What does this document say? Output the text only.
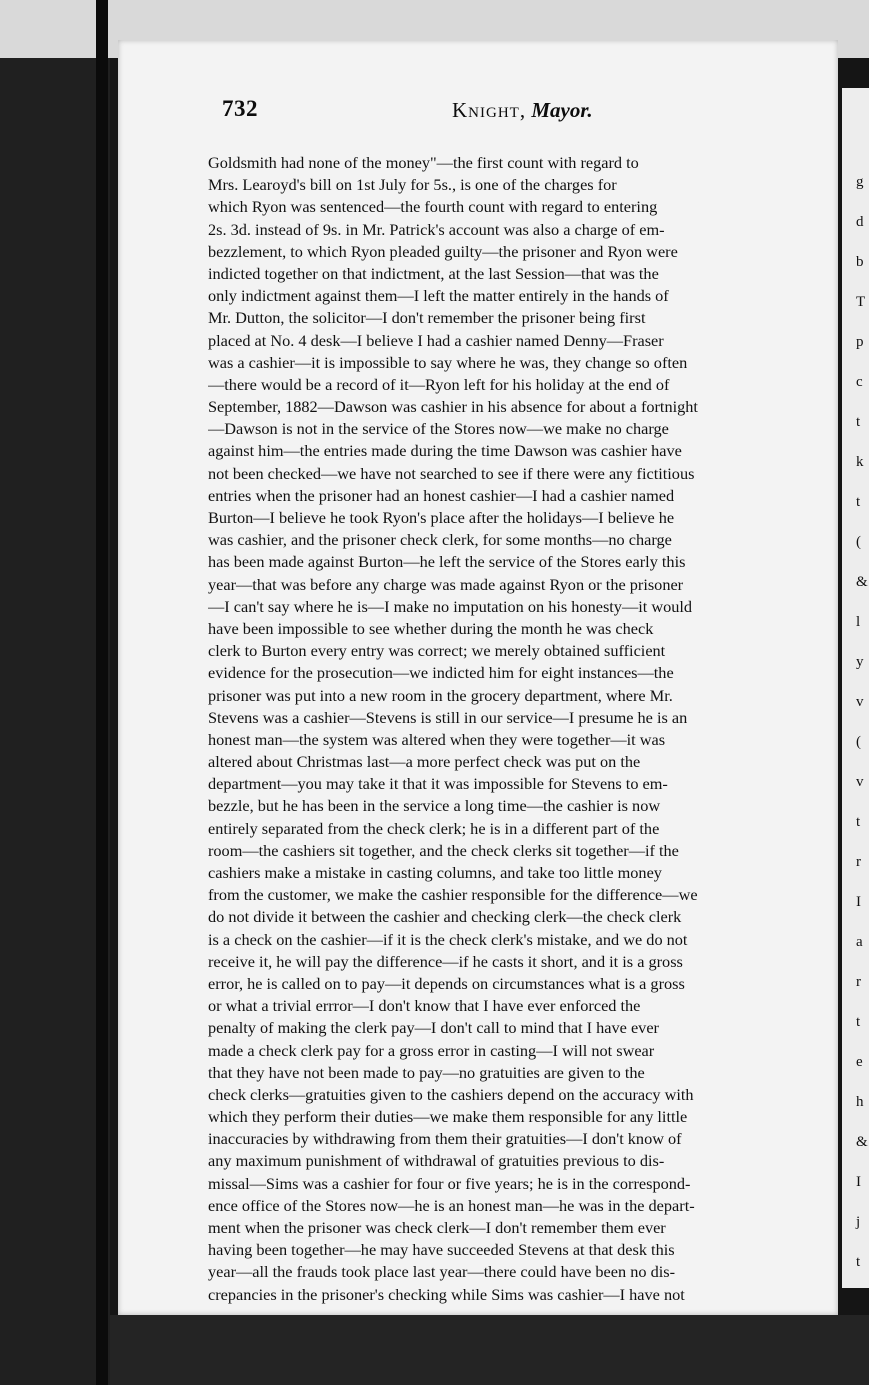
g
d
b
T
p
c
t
k
t
(
&
l
y
v
(
v
t
r
I
a
r
t
e
h
&
I
j
t
732	Knight, Mayor.
Goldsmith had none of the money"—the first count with regard to
Mrs. Learoyd's bill on 1st July for 5s., is one of the charges for
which Ryon was sentenced—the fourth count with regard to entering
2s. 3d. instead of 9s. in Mr. Patrick's account was also a charge of em-
bezzlement, to which Ryon pleaded guilty—the prisoner and Ryon were
indicted together on that indictment, at the last Session—that was the
only indictment against them—I left the matter entirely in the hands of
Mr. Dutton, the solicitor—I don't remember the prisoner being first
placed at No. 4 desk—I believe I had a cashier named Denny—Fraser
was a cashier—it is impossible to say where he was, they change so often
—there would be a record of it—Ryon left for his holiday at the end of
September, 1882—Dawson was cashier in his absence for about a fortnight
—Dawson is not in the service of the Stores now—we make no charge
against him—the entries made during the time Dawson was cashier have
not been checked—we have not searched to see if there were any fictitious
entries when the prisoner had an honest cashier—I had a cashier named
Burton—I believe he took Ryon's place after the holidays—I believe he
was cashier, and the prisoner check clerk, for some months—no charge
has been made against Burton—he left the service of the Stores early this
year—that was before any charge was made against Ryon or the prisoner
—I can't say where he is—I make no imputation on his honesty—it would
have been impossible to see whether during the month he was check
clerk to Burton every entry was correct; we merely obtained sufficient
evidence for the prosecution—we indicted him for eight instances—the
prisoner was put into a new room in the grocery department, where Mr.
Stevens was a cashier—Stevens is still in our service—I presume he is an
honest man—the system was altered when they were together—it was
altered about Christmas last—a more perfect check was put on the
department—you may take it that it was impossible for Stevens to em-
bezzle, but he has been in the service a long time—the cashier is now
entirely separated from the check clerk; he is in a different part of the
room—the cashiers sit together, and the check clerks sit together—if the
cashiers make a mistake in casting columns, and take too little money
from the customer, we make the cashier responsible for the difference—we
do not divide it between the cashier and checking clerk—the check clerk
is a check on the cashier—if it is the check clerk's mistake, and we do not
receive it, he will pay the difference—if he casts it short, and it is a gross
error, he is called on to pay—it depends on circumstances what is a gross
or what a trivial errror—I don't know that I have ever enforced the
penalty of making the clerk pay—I don't call to mind that I have ever
made a check clerk pay for a gross error in casting—I will not swear
that they have not been made to pay—no gratuities are given to the
check clerks—gratuities given to the cashiers depend on the accuracy with
which they perform their duties—we make them responsible for any little
inaccuracies by withdrawing from them their gratuities—I don't know of
any maximum punishment of withdrawal of gratuities previous to dis-
missal—Sims was a cashier for four or five years; he is in the correspond-
ence office of the Stores now—he is an honest man—he was in the depart-
ment when the prisoner was check clerk—I don't remember them ever
having been together—he may have succeeded Stevens at that desk this
year—all the frauds took place last year—there could have been no dis-
crepancies in the prisoner's checking while Sims was cashier—I have not
